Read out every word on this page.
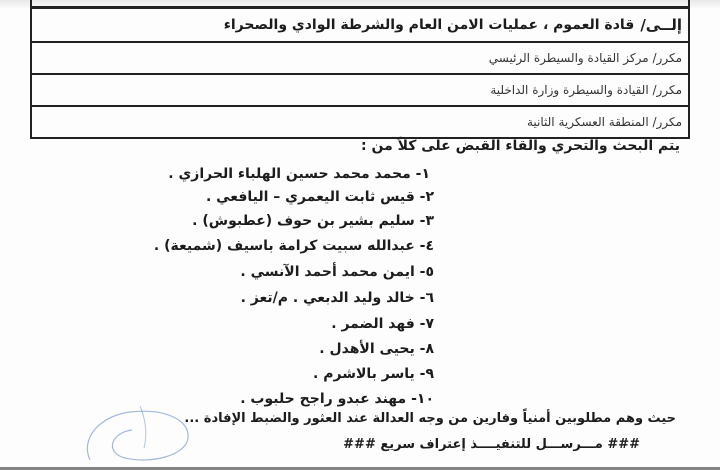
إلــى/
قادة العموم ، عمليات الامن العام والشرطة الوادي والصحراء
مكرر/ مركز القيادة والسيطرة الرئيسي
مكرر/ القيادة والسيطرة وزارة الداخلية
مكرر/ المنطقة العسكرية الثانية
يتم البحث والتحري والقاء القبض على كلاً من :
١- محمد محمد حسين الهلباء الحرازي .
٢- قيس ثابت اليعمري – اليافعي .
٣- سليم بشير بن حوف (عطبوش) .
٤- عبدالله سبيت كرامة باسيف (شميعة) .
٥- ايمن محمد أحمد الآنسي .
٦- خالد وليد الدبعي . م/تعز .
٧- فهد الضمر .
٨- يحيى الأهدل .
٩- ياسر بالاشرم .
١٠- مهند عبدو راجح حلبوب .
حيث وهم مطلوبين أمنياً وفارين من وجه العدالة عند العثور والضبط الإفادة ...
### مـــرســـل للتنفيــــذ إعتراف سريع ###
